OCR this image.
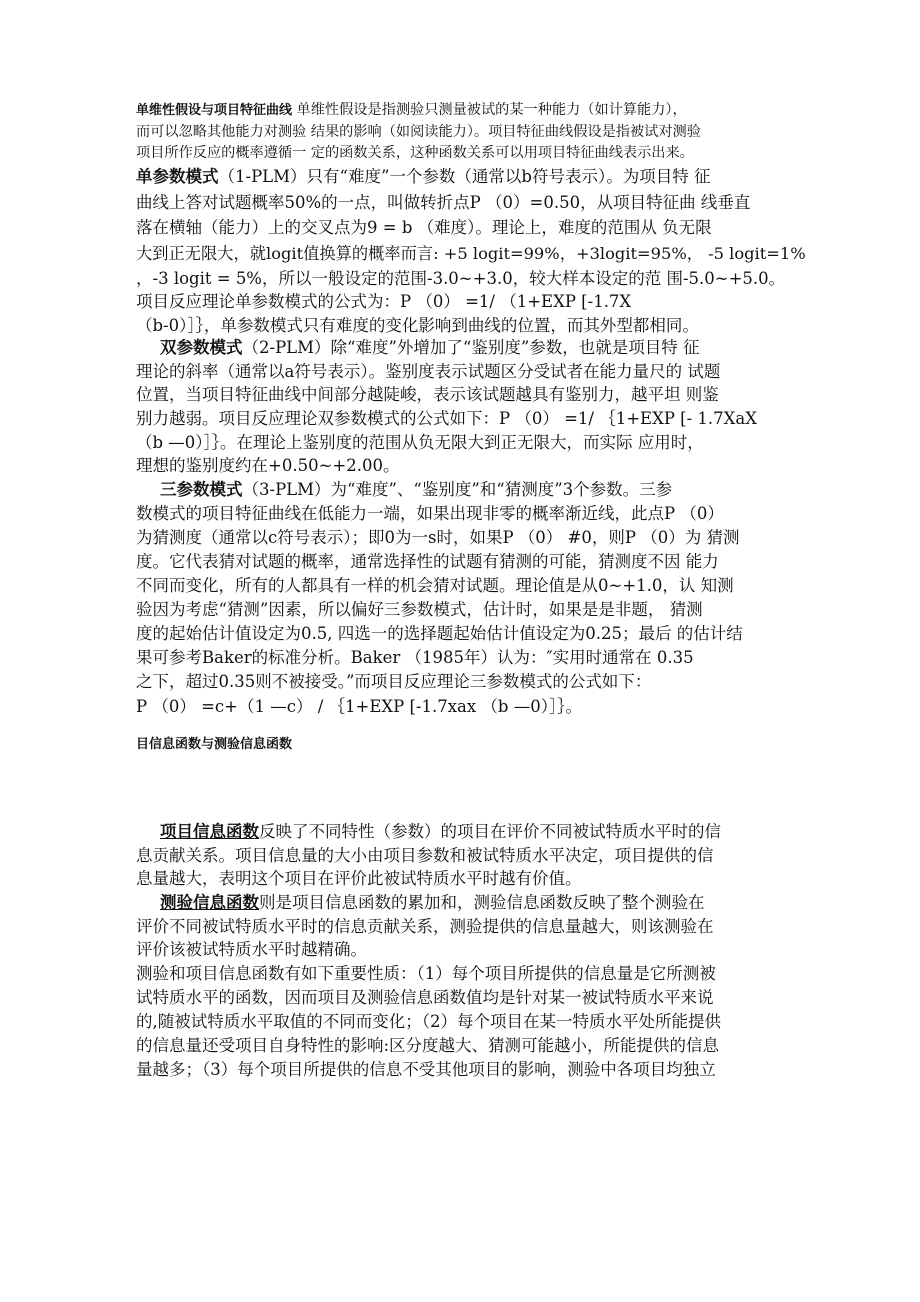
单维性假设与项目特征曲线 单维性假设是指测验只测量被试的某一种能力（如计算能力），

而可以忽略其他能力对测验 结果的影响（如阅读能力）。项目特征曲线假设是指被试对测验

项目所作反应的概率遵循一 定的函数关系，这种函数关系可以用项目特征曲线表示出来。

单参数模式（1-PLM）只有“难度”一个参数（通常以b符号表示）。为项目特 征

曲线上答对试题概率50%的一点，叫做转折点P （0）=0.50，从项目特征曲 线垂直

落在横轴（能力）上的交叉点为9 = b （难度）。理论上，难度的范围从 负无限

大到正无限大，就logit值换算的概率而言: +5 logit=99%，+3logit=95%， -5 logit=1%

，-3 logit = 5%，所以一般设定的范围-3.0~+3.0，较大样本设定的范 围-5.0~+5.0。

项目反应理论单参数模式的公式为：P （0） =1/ （1+EXP [-1.7X

（b-0）］｝，单参数模式只有难度的变化影响到曲线的位置，而其外型都相同。

双参数模式（2-PLM）除“难度”外增加了“鉴别度”参数，也就是项目特 征

理论的斜率（通常以a符号表示）。鉴别度表示试题区分受试者在能力量尺的 试题

位置，当项目特征曲线中间部分越陡峻，表示该试题越具有鉴别力，越平坦 则鉴

别力越弱。项目反应理论双参数模式的公式如下：P （0） =1/ ｛1+EXP [- 1.7XaX

（b —0）］｝。在理论上鉴别度的范围从负无限大到正无限大，而实际 应用时，

理想的鉴别度约在+0.50~+2.00。

三参数模式（3-PLM）为“难度”、“鉴别度”和“猜测度”3个参数。三参

数模式的项目特征曲线在低能力一端，如果出现非零的概率渐近线，此点P （0）

为猜测度（通常以c符号表示）；即0为一s时，如果P （0） #0，则P （0）为 猜测

度。它代表猜对试题的概率，通常选择性的试题有猜测的可能，猜测度不因 能力

不同而变化，所有的人都具有一样的机会猜对试题。理论值是从0~+1.0，认 知测

验因为考虑“猜测”因素，所以偏好三参数模式，估计时，如果是是非题， 猜测

度的起始估计值设定为0.5, 四选一的选择题起始估计值设定为0.25；最后 的估计结

果可参考Baker的标准分析。Baker （1985年）认为：″实用时通常在 0.35

之下，超过0.35则不被接受。”而项目反应理论三参数模式的公式如下：

P （0） =c+（1 —c） / ｛1+EXP [-1.7xax （b —0）］｝。

目信息函数与测验信息函数

项目信息函数反映了不同特性（参数）的项目在评价不同被试特质水平时的信

息贡献关系。项目信息量的大小由项目参数和被试特质水平决定，项目提供的信

息量越大，表明这个项目在评价此被试特质水平时越有价值。

测验信息函数则是项目信息函数的累加和，测验信息函数反映了整个测验在

评价不同被试特质水平时的信息贡献关系，测验提供的信息量越大，则该测验在

评价该被试特质水平时越精确。

测验和项目信息函数有如下重要性质：（1）每个项目所提供的信息量是它所测被

试特质水平的函数，因而项目及测验信息函数值均是针对某一被试特质水平来说

的,随被试特质水平取值的不同而变化；（2）每个项目在某一特质水平处所能提供

的信息量还受项目自身特性的影响:区分度越大、猜测可能越小，所能提供的信息

量越多；（3）每个项目所提供的信息不受其他项目的影响，测验中各项目均独立
